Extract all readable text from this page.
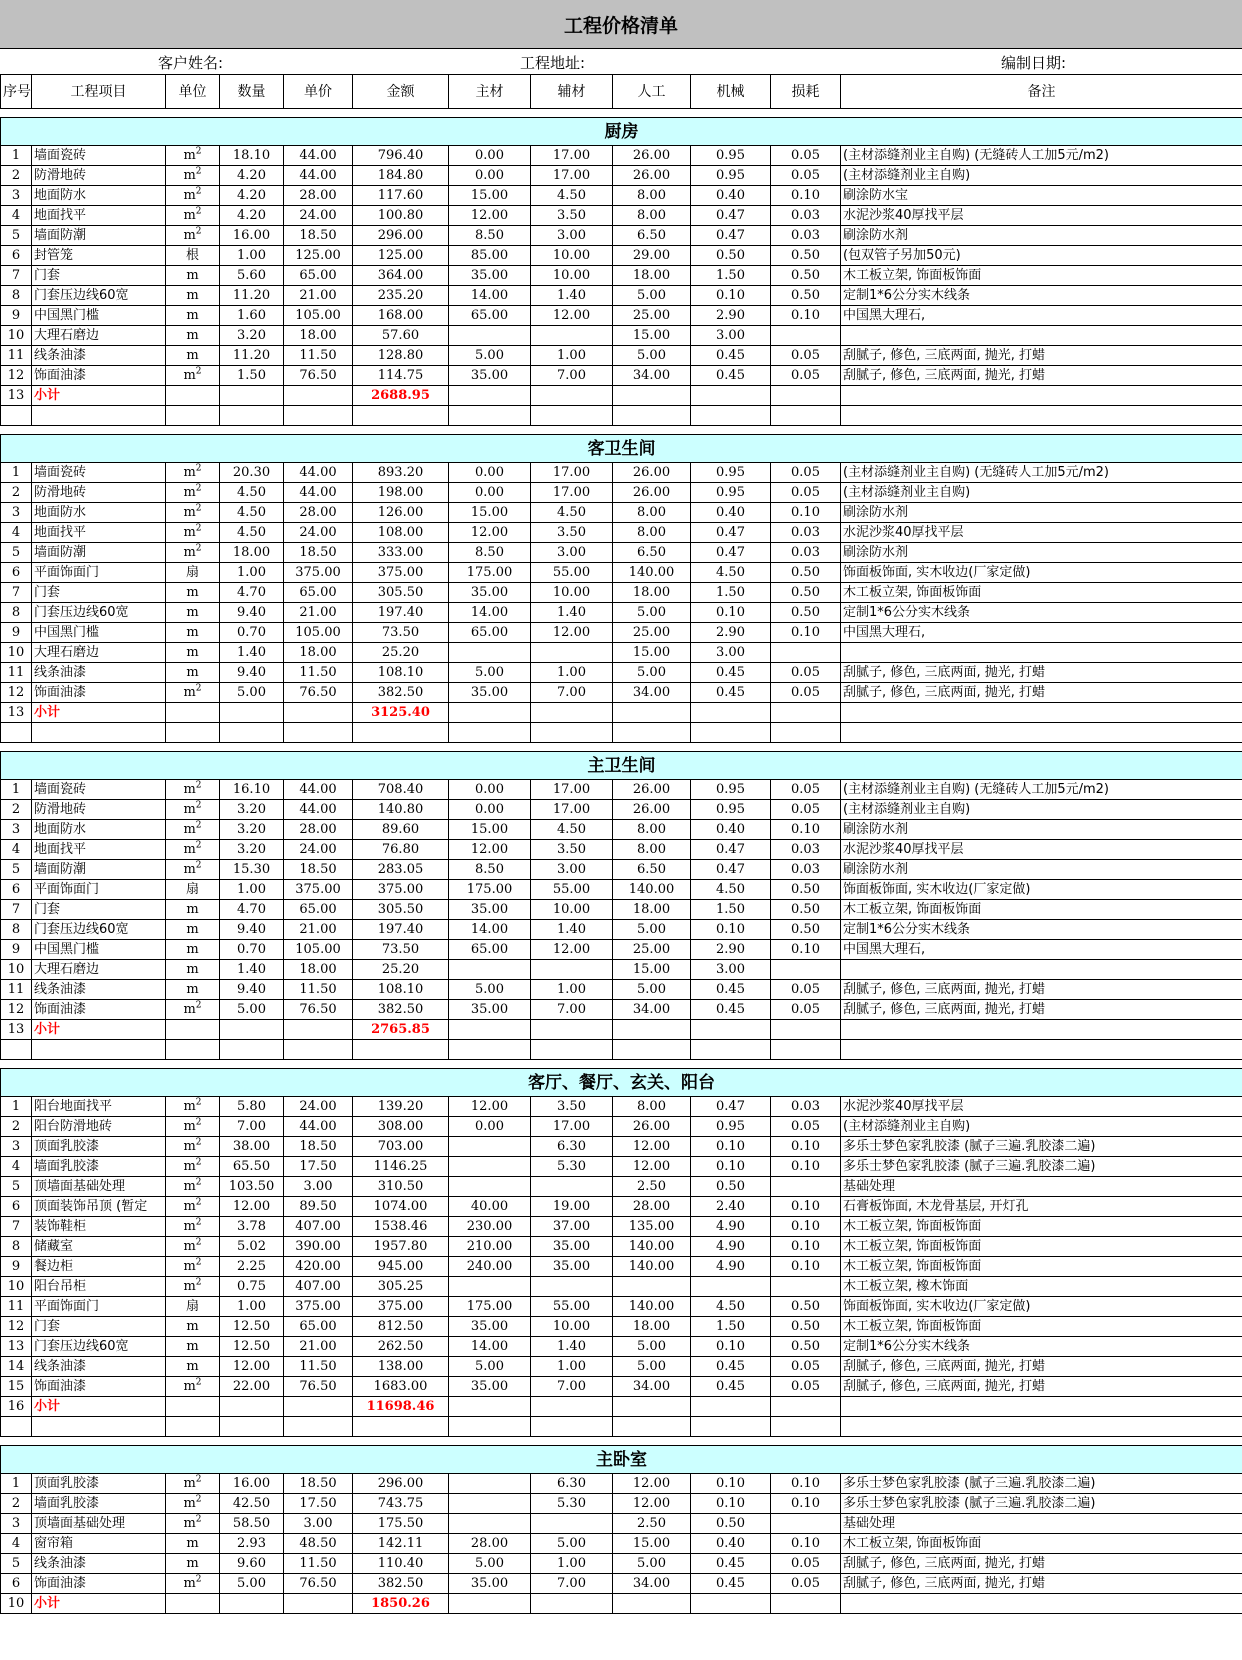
工程价格清单
客户姓名:	工程地址:	编制日期:
序号	工程项目	单位	数量	单价	金额	主材	辅材	人工	机械	损耗	备注

厨房											
1	墙面瓷砖	$m^2$	18.10	44.00	796.40	0.00	17.00	26.00	0.95	0.05	(主材添缝剂业主自购) (无缝砖人工加5元/m2)
2	防滑地砖	$m^2$	4.20	44.00	184.80	0.00	17.00	26.00	0.95	0.05	(主材添缝剂业主自购)
3	地面防水	$m^2$	4.20	28.00	117.60	15.00	4.50	8.00	0.40	0.10	刷涂防水宝
4	地面找平	$m^2$	4.20	24.00	100.80	12.00	3.50	8.00	0.47	0.03	水泥沙浆40厚找平层
5	墙面防潮	$m^2$	16.00	18.50	296.00	8.50	3.00	6.50	0.47	0.03	刷涂防水剂
6	封管笼	根	1.00	125.00	125.00	85.00	10.00	29.00	0.50	0.50	(包双管子另加50元)
7	门套	m	5.60	65.00	364.00	35.00	10.00	18.00	1.50	0.50	木工板立架, 饰面板饰面
8	门套压边线60宽	m	11.20	21.00	235.20	14.00	1.40	5.00	0.10	0.50	定制1*6公分实木线条
9	中国黑门槛	m	1.60	105.00	168.00	65.00	12.00	25.00	2.90	0.10	中国黑大理石,
10	大理石磨边	m	3.20	18.00	57.60			15.00	3.00		
11	线条油漆	m	11.20	11.50	128.80	5.00	1.00	5.00	0.45	0.05	刮腻子, 修色, 三底两面, 抛光, 打蜡
12	饰面油漆	$m^2$	1.50	76.50	114.75	35.00	7.00	34.00	0.45	0.05	刮腻子, 修色, 三底两面, 抛光, 打蜡
13	小计				2688.95						

客卫生间											
1	墙面瓷砖	$m^2$	20.30	44.00	893.20	0.00	17.00	26.00	0.95	0.05	(主材添缝剂业主自购) (无缝砖人工加5元/m2)
2	防滑地砖	$m^2$	4.50	44.00	198.00	0.00	17.00	26.00	0.95	0.05	(主材添缝剂业主自购)
3	地面防水	$m^2$	4.50	28.00	126.00	15.00	4.50	8.00	0.40	0.10	刷涂防水剂
4	地面找平	$m^2$	4.50	24.00	108.00	12.00	3.50	8.00	0.47	0.03	水泥沙浆40厚找平层
5	墙面防潮	$m^2$	18.00	18.50	333.00	8.50	3.00	6.50	0.47	0.03	刷涂防水剂
6	平面饰面门	扇	1.00	375.00	375.00	175.00	55.00	140.00	4.50	0.50	饰面板饰面, 实木收边(厂家定做)
7	门套	m	4.70	65.00	305.50	35.00	10.00	18.00	1.50	0.50	木工板立架, 饰面板饰面
8	门套压边线60宽	m	9.40	21.00	197.40	14.00	1.40	5.00	0.10	0.50	定制1*6公分实木线条
9	中国黑门槛	m	0.70	105.00	73.50	65.00	12.00	25.00	2.90	0.10	中国黑大理石,
10	大理石磨边	m	1.40	18.00	25.20			15.00	3.00		
11	线条油漆	m	9.40	11.50	108.10	5.00	1.00	5.00	0.45	0.05	刮腻子, 修色, 三底两面, 抛光, 打蜡
12	饰面油漆	$m^2$	5.00	76.50	382.50	35.00	7.00	34.00	0.45	0.05	刮腻子, 修色, 三底两面, 抛光, 打蜡
13	小计				3125.40						

主卫生间											
1	墙面瓷砖	$m^2$	16.10	44.00	708.40	0.00	17.00	26.00	0.95	0.05	(主材添缝剂业主自购) (无缝砖人工加5元/m2)
2	防滑地砖	$m^2$	3.20	44.00	140.80	0.00	17.00	26.00	0.95	0.05	(主材添缝剂业主自购)
3	地面防水	$m^2$	3.20	28.00	89.60	15.00	4.50	8.00	0.40	0.10	刷涂防水剂
4	地面找平	$m^2$	3.20	24.00	76.80	12.00	3.50	8.00	0.47	0.03	水泥沙浆40厚找平层
5	墙面防潮	$m^2$	15.30	18.50	283.05	8.50	3.00	6.50	0.47	0.03	刷涂防水剂
6	平面饰面门	扇	1.00	375.00	375.00	175.00	55.00	140.00	4.50	0.50	饰面板饰面, 实木收边(厂家定做)
7	门套	m	4.70	65.00	305.50	35.00	10.00	18.00	1.50	0.50	木工板立架, 饰面板饰面
8	门套压边线60宽	m	9.40	21.00	197.40	14.00	1.40	5.00	0.10	0.50	定制1*6公分实木线条
9	中国黑门槛	m	0.70	105.00	73.50	65.00	12.00	25.00	2.90	0.10	中国黑大理石,
10	大理石磨边	m	1.40	18.00	25.20			15.00	3.00		
11	线条油漆	m	9.40	11.50	108.10	5.00	1.00	5.00	0.45	0.05	刮腻子, 修色, 三底两面, 抛光, 打蜡
12	饰面油漆	$m^2$	5.00	76.50	382.50	35.00	7.00	34.00	0.45	0.05	刮腻子, 修色, 三底两面, 抛光, 打蜡
13	小计				2765.85						

客厅、餐厅、玄关、阳台											
1	阳台地面找平	$m^2$	5.80	24.00	139.20	12.00	3.50	8.00	0.47	0.03	水泥沙浆40厚找平层
2	阳台防滑地砖	$m^2$	7.00	44.00	308.00	0.00	17.00	26.00	0.95	0.05	(主材添缝剂业主自购)
3	顶面乳胶漆	$m^2$	38.00	18.50	703.00		6.30	12.00	0.10	0.10	多乐士梦色家乳胶漆 (腻子三遍.乳胶漆二遍)
4	墙面乳胶漆	$m^2$	65.50	17.50	1146.25		5.30	12.00	0.10	0.10	多乐士梦色家乳胶漆 (腻子三遍.乳胶漆二遍)
5	顶墙面基础处理	$m^2$	103.50	3.00	310.50			2.50	0.50		基础处理
6	顶面装饰吊顶 (暂定	$m^2$	12.00	89.50	1074.00	40.00	19.00	28.00	2.40	0.10	石膏板饰面, 木龙骨基层, 开灯孔
7	装饰鞋柜	$m^2$	3.78	407.00	1538.46	230.00	37.00	135.00	4.90	0.10	木工板立架, 饰面板饰面
8	储藏室	$m^2$	5.02	390.00	1957.80	210.00	35.00	140.00	4.90	0.10	木工板立架, 饰面板饰面
9	餐边柜	$m^2$	2.25	420.00	945.00	240.00	35.00	140.00	4.90	0.10	木工板立架, 饰面板饰面
10	阳台吊柜	$m^2$	0.75	407.00	305.25						木工板立架, 橡木饰面
11	平面饰面门	扇	1.00	375.00	375.00	175.00	55.00	140.00	4.50	0.50	饰面板饰面, 实木收边(厂家定做)
12	门套	m	12.50	65.00	812.50	35.00	10.00	18.00	1.50	0.50	木工板立架, 饰面板饰面
13	门套压边线60宽	m	12.50	21.00	262.50	14.00	1.40	5.00	0.10	0.50	定制1*6公分实木线条
14	线条油漆	m	12.00	11.50	138.00	5.00	1.00	5.00	0.45	0.05	刮腻子, 修色, 三底两面, 抛光, 打蜡
15	饰面油漆	$m^2$	22.00	76.50	1683.00	35.00	7.00	34.00	0.45	0.05	刮腻子, 修色, 三底两面, 抛光, 打蜡
16	小计				11698.46						

主卧室											
1	顶面乳胶漆	$m^2$	16.00	18.50	296.00		6.30	12.00	0.10	0.10	多乐士梦色家乳胶漆 (腻子三遍.乳胶漆二遍)
2	墙面乳胶漆	$m^2$	42.50	17.50	743.75		5.30	12.00	0.10	0.10	多乐士梦色家乳胶漆 (腻子三遍.乳胶漆二遍)
3	顶墙面基础处理	$m^2$	58.50	3.00	175.50			2.50	0.50		基础处理
4	窗帘箱	m	2.93	48.50	142.11	28.00	5.00	15.00	0.40	0.10	木工板立架, 饰面板饰面
5	线条油漆	m	9.60	11.50	110.40	5.00	1.00	5.00	0.45	0.05	刮腻子, 修色, 三底两面, 抛光, 打蜡
6	饰面油漆	$m^2$	5.00	76.50	382.50	35.00	7.00	34.00	0.45	0.05	刮腻子, 修色, 三底两面, 抛光, 打蜡
10	小计				1850.26						
